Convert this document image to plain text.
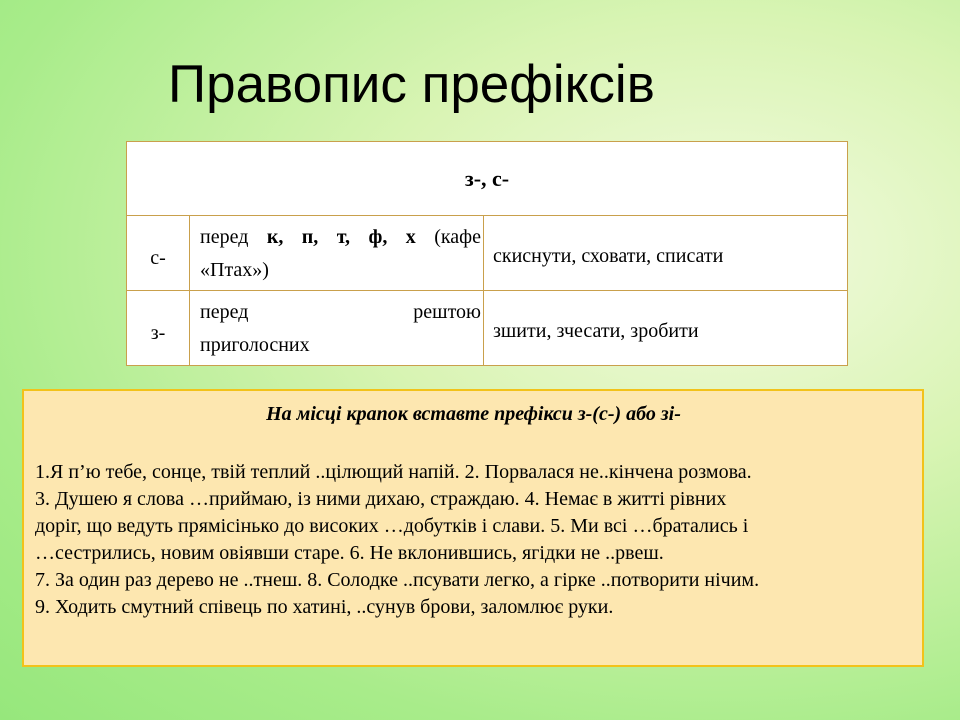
Правопис префіксів
з-, с-		
с-	перед к, п, т, ф, х (кафе
«Птах»)	скиснути, сховати, списати
з-	перед рештою
приголосних	зшити, зчесати, зробити
На місці крапок вставте префікси з-(с-) або зі-
1.Я п’ю тебе, сонце, твій теплий ..цілющий напій. 2. Порвалася не..кінчена розмова.
3. Душею я слова …приймаю, із ними дихаю, страждаю. 4. Немає в житті рівних
доріг, що ведуть прямісінько до високих …добутків і слави. 5. Ми всі …братались і
…сестрились, новим овіявши старе. 6. Не вклонившись, ягідки не ..рвеш.
7. За один раз дерево не ..тнеш. 8. Солодке ..псувати легко, а гірке ..потворити нічим.
9. Ходить смутний співець по хатині, ..сунув брови, заломлює руки.
